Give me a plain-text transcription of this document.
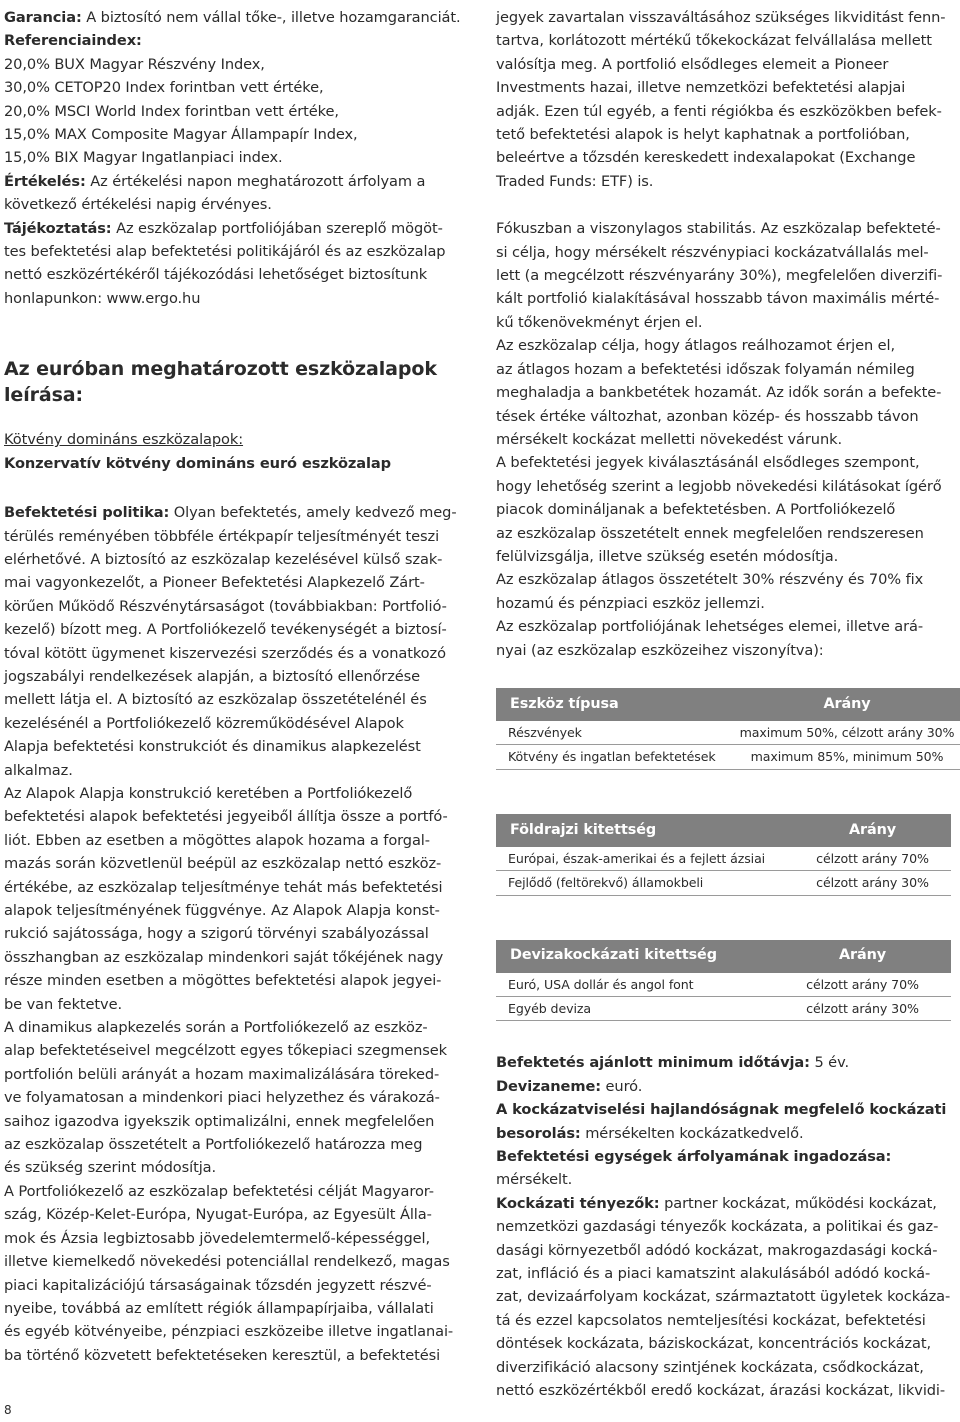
Garancia: A biztosító nem vállal tőke-, illetve hozamgaranciát.

Referenciaindex:

20,0% BUX Magyar Részvény Index,

30,0% CETOP20 Index forintban vett értéke,

20,0% MSCI World Index forintban vett értéke,

15,0% MAX Composite Magyar Állampapír Index,

15,0% BIX Magyar Ingatlanpiaci index.

Értékelés: Az értékelési napon meghatározott árfolyam a

következő értékelési napig érvényes.

Tájékoztatás: Az eszközalap portfoliójában szereplő mögöt-

tes befektetési alap befektetési politikájáról és az eszközalap

nettó eszközértékéről tájékozódási lehetőséget biztosítunk

honlapunkon: www.ergo.hu

Az euróban meghatározott eszközalapok leírása:

Kötvény domináns eszközalapok:

Konzervatív kötvény domináns euró eszközalap

Befektetési politika: Olyan befektetés, amely kedvező meg-

térülés reményében többféle értékpapír teljesítményét teszi

elérhetővé. A biztosító az eszközalap kezelésével külső szak-

mai vagyonkezelőt, a Pioneer Befektetési Alapkezelő Zárt-

körűen Működő Részvénytársaságot (továbbiakban: Portfolió-

kezelő) bízott meg. A Portfoliókezelő tevékenységét a biztosí-

tóval kötött ügymenet kiszervezési szerződés és a vonatkozó

jogszabályi rendelkezések alapján, a biztosító ellenőrzése

mellett látja el. A biztosító az eszközalap összetételénél és

kezelésénél a Portfoliókezelő közreműködésével Alapok

Alapja befektetési konstrukciót és dinamikus alapkezelést

alkalmaz.

Az Alapok Alapja konstrukció keretében a Portfoliókezelő

befektetési alapok befektetési jegyeiből állítja össze a portfó-

liót. Ebben az esetben a mögöttes alapok hozama a forgal-

mazás során közvetlenül beépül az eszközalap nettó eszköz-

értékébe, az eszközalap teljesítménye tehát más befektetési

alapok teljesítményének függvénye. Az Alapok Alapja konst-

rukció sajátossága, hogy a szigorú törvényi szabályozással

összhangban az eszközalap mindenkori saját tőkéjének nagy

része minden esetben a mögöttes befektetési alapok jegyei-

be van fektetve.

A dinamikus alapkezelés során a Portfoliókezelő az eszköz-

alap befektetéseivel megcélzott egyes tőkepiaci szegmensek

portfolión belüli arányát a hozam maximalizálására töreked-

ve folyamatosan a mindenkori piaci helyzethez és várakozá-

saihoz igazodva igyekszik optimalizálni, ennek megfelelően

az eszközalap összetételt a Portfoliókezelő határozza meg

és szükség szerint módosítja.

A Portfoliókezelő az eszközalap befektetési célját Magyaror-

szág, Közép-Kelet-Európa, Nyugat-Európa, az Egyesült Álla-

mok és Ázsia legbiztosabb jövedelemtermelő-képességgel,

illetve kiemelkedő növekedési potenciállal rendelkező, magas

piaci kapitalizációjú társaságainak tőzsdén jegyzett részvé-

nyeibe, továbbá az említett régiók állampapírjaiba, vállalati

és egyéb kötvényeibe, pénzpiaci eszközeibe illetve ingatlanai-

ba történő közvetett befektetéseken keresztül, a befektetési

jegyek zavartalan visszaváltásához szükséges likviditást fenn-

tartva, korlátozott mértékű tőkekockázat felvállalása mellett

valósítja meg. A portfolió elsődleges elemeit a Pioneer

Investments hazai, illetve nemzetközi befektetési alapjai

adják. Ezen túl egyéb, a fenti régiókba és eszközökben befek-

tető befektetési alapok is helyt kaphatnak a portfolióban,

beleértve a tőzsdén kereskedett indexalapokat (Exchange

Traded Funds: ETF) is.

Fókuszban a viszonylagos stabilitás. Az eszközalap befekteté-

si célja, hogy mérsékelt részvénypiaci kockázatvállalás mel-

lett (a megcélzott részvényarány 30%), megfelelően diverzifi-

kált portfolió kialakításával hosszabb távon maximális mérté-

kű tőkenövekményt érjen el.

Az eszközalap célja, hogy átlagos reálhozamot érjen el,

az átlagos hozam a befektetési időszak folyamán némileg

meghaladja a bankbetétek hozamát. Az idők során a befekte-

tések értéke változhat, azonban közép- és hosszabb távon

mérsékelt kockázat melletti növekedést várunk.

A befektetési jegyek kiválasztásánál elsődleges szempont,

hogy lehetőség szerint a legjobb növekedési kilátásokat ígérő

piacok domináljanak a befektetésben. A Portfoliókezelő

az eszközalap összetételt ennek megfelelően rendszeresen

felülvizsgálja, illetve szükség esetén módosítja.

Az eszközalap átlagos összetételt 30% részvény és 70% fix

hozamú és pénzpiaci eszköz jellemzi.

Az eszközalap portfoliójának lehetséges elemei, illetve ará-

nyai (az eszközalap eszközeihez viszonyítva):

Eszköz típusa	Arány
Részvények	maximum 50%, célzott arány 30%
Kötvény és ingatlan befektetések	maximum 85%, minimum 50%
Földrajzi kitettség	Arány
Európai, észak-amerikai és a fejlett ázsiai	célzott arány 70%
Fejlődő (feltörekvő) államokbeli	célzott arány 30%
Devizakockázati kitettség	Arány
Euró, USA dollár és angol font	célzott arány 70%
Egyéb deviza	célzott arány 30%

Befektetés ajánlott minimum időtávja: 5 év.

Devizaneme: euró.

A kockázatviselési hajlandóságnak megfelelő kockázati

besorolás: mérsékelten kockázatkedvelő.

Befektetési egységek árfolyamának ingadozása: mérsékelt.

Kockázati tényezők: partner kockázat, működési kockázat,

nemzetközi gazdasági tényezők kockázata, a politikai és gaz-

dasági környezetből adódó kockázat, makrogazdasági kocká-

zat, infláció és a piaci kamatszint alakulásából adódó kocká-

zat, devizaárfolyam kockázat, származtatott ügyletek kockáza-

tá és ezzel kapcsolatos nemteljesítési kockázat, befektetési

döntések kockázata, báziskockázat, koncentrációs kockázat,

diverzifikáció alacsony szintjének kockázata, csődkockázat,

nettó eszközértékből eredő kockázat, árazási kockázat, likvidi-

8
